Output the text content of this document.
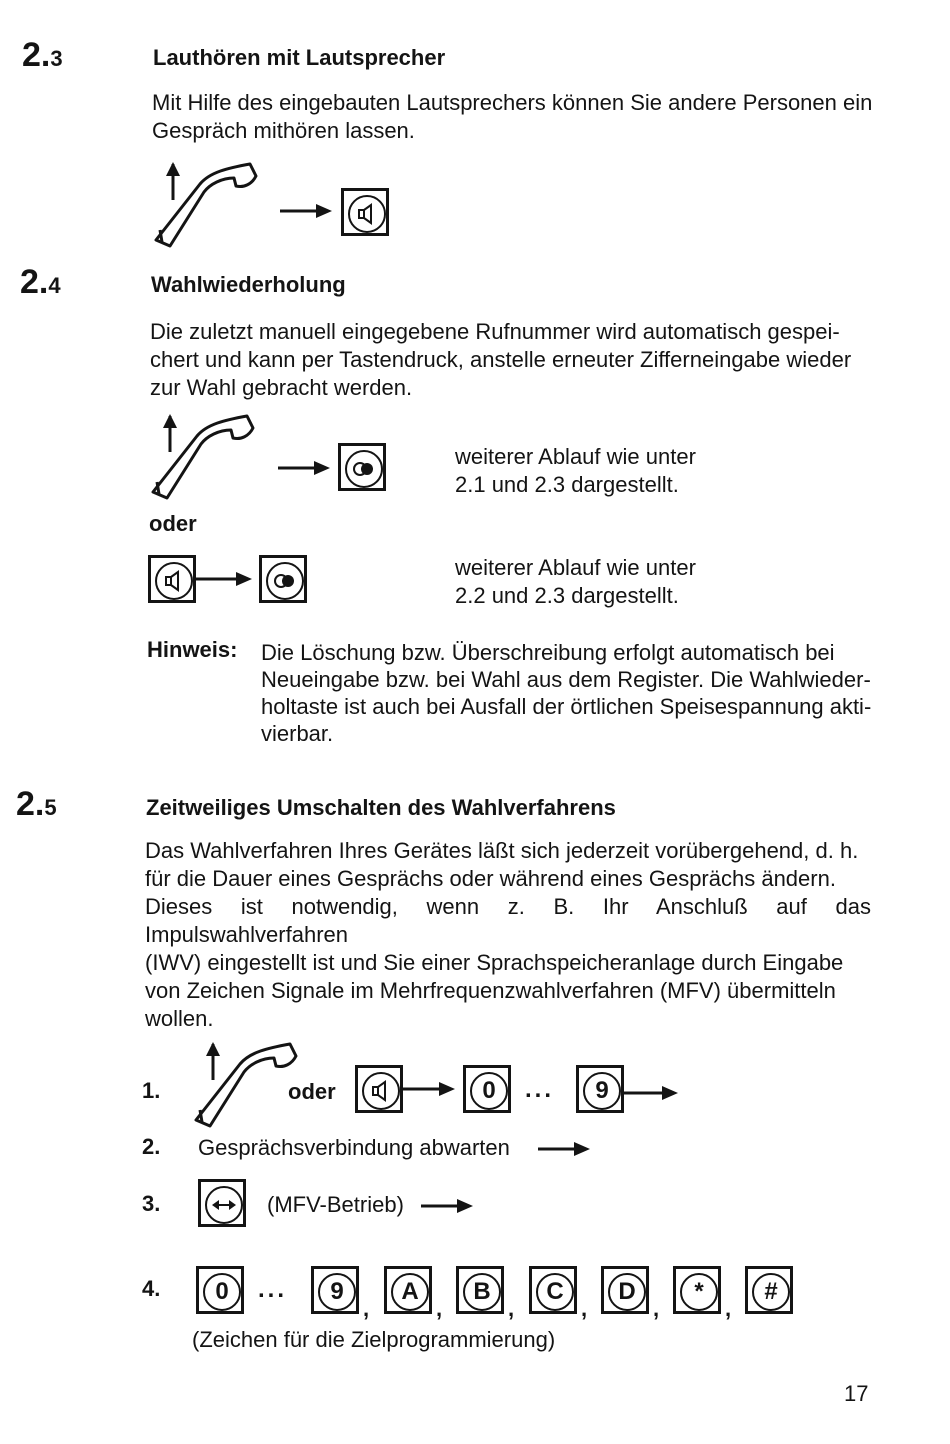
2.3	Lauthören mit Lautsprecher
Mit Hilfe des eingebauten Lautsprechers können Sie andere Personen ein
Gespräch mithören lassen.
2.4	Wahlwiederholung
Die zuletzt manuell eingegebene Rufnummer wird automatisch gespei-
chert und kann per Tastendruck, anstelle erneuter Zifferneingabe wieder
zur Wahl gebracht werden.
weiterer Ablauf wie unter
2.1 und 2.3 dargestellt.
oder
weiterer Ablauf wie unter
2.2 und 2.3 dargestellt.
Hinweis: Die Löschung bzw. Überschreibung erfolgt automatisch bei
Neueingabe bzw. bei Wahl aus dem Register. Die Wahlwieder-
holtaste ist auch bei Ausfall der örtlichen Speisespannung akti-
vierbar.
2.5	Zeitweiliges Umschalten des Wahlverfahrens
Das Wahlverfahren Ihres Gerätes läßt sich jederzeit vorübergehend, d. h.
für die Dauer eines Gesprächs oder während eines Gesprächs ändern.
Dieses ist notwendig, wenn z. B. Ihr Anschluß auf das Impulswahlverfahren
(IWV) eingestellt ist und Sie einer Sprachspeicheranlage durch Eingabe
von Zeichen Signale im Mehrfrequenzwahlverfahren (MFV) übermitteln
wollen.
1.	oder	0	...	9
2. Gesprächsverbindung abwarten
3.	(MFV-Betrieb)
4.	0	...	9
,
A
,
B
,
C
,
D
,
*
,
#
(Zeichen für die Zielprogrammierung)
17
